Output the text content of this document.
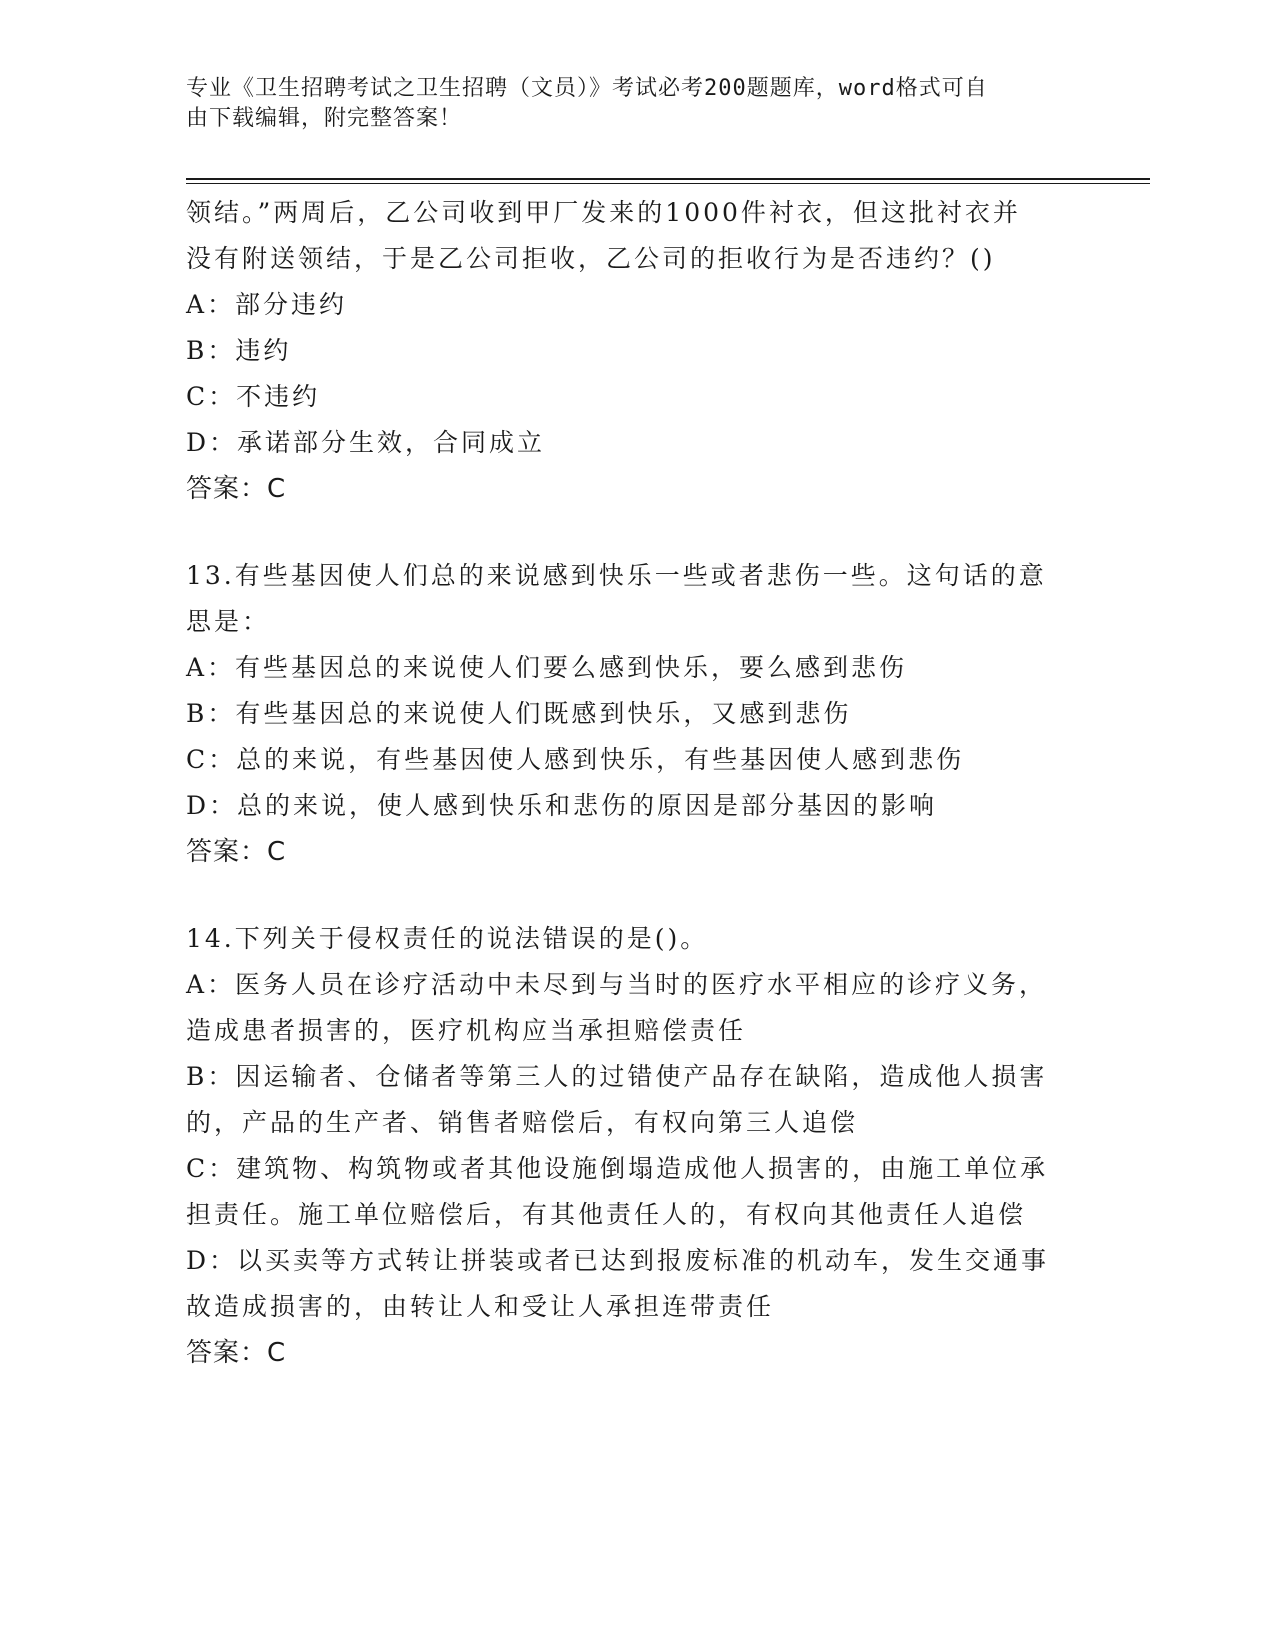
专业《卫生招聘考试之卫生招聘（文员）》考试必考200题题库，word格式可自
由下载编辑，附完整答案！
领结。”两周后，乙公司收到甲厂发来的1000件衬衣，但这批衬衣并
没有附送领结，于是乙公司拒收，乙公司的拒收行为是否违约？()
A：部分违约
B：违约
C：不违约
D：承诺部分生效，合同成立
答案：C
13.有些基因使人们总的来说感到快乐一些或者悲伤一些。这句话的意
思是：
A：有些基因总的来说使人们要么感到快乐，要么感到悲伤
B：有些基因总的来说使人们既感到快乐，又感到悲伤
C：总的来说，有些基因使人感到快乐，有些基因使人感到悲伤
D：总的来说，使人感到快乐和悲伤的原因是部分基因的影响
答案：C
14.下列关于侵权责任的说法错误的是()。
A：医务人员在诊疗活动中未尽到与当时的医疗水平相应的诊疗义务，
造成患者损害的，医疗机构应当承担赔偿责任
B：因运输者、仓储者等第三人的过错使产品存在缺陷，造成他人损害
的，产品的生产者、销售者赔偿后，有权向第三人追偿
C：建筑物、构筑物或者其他设施倒塌造成他人损害的，由施工单位承
担责任。施工单位赔偿后，有其他责任人的，有权向其他责任人追偿
D：以买卖等方式转让拼装或者已达到报废标准的机动车，发生交通事
故造成损害的，由转让人和受让人承担连带责任
答案：C
